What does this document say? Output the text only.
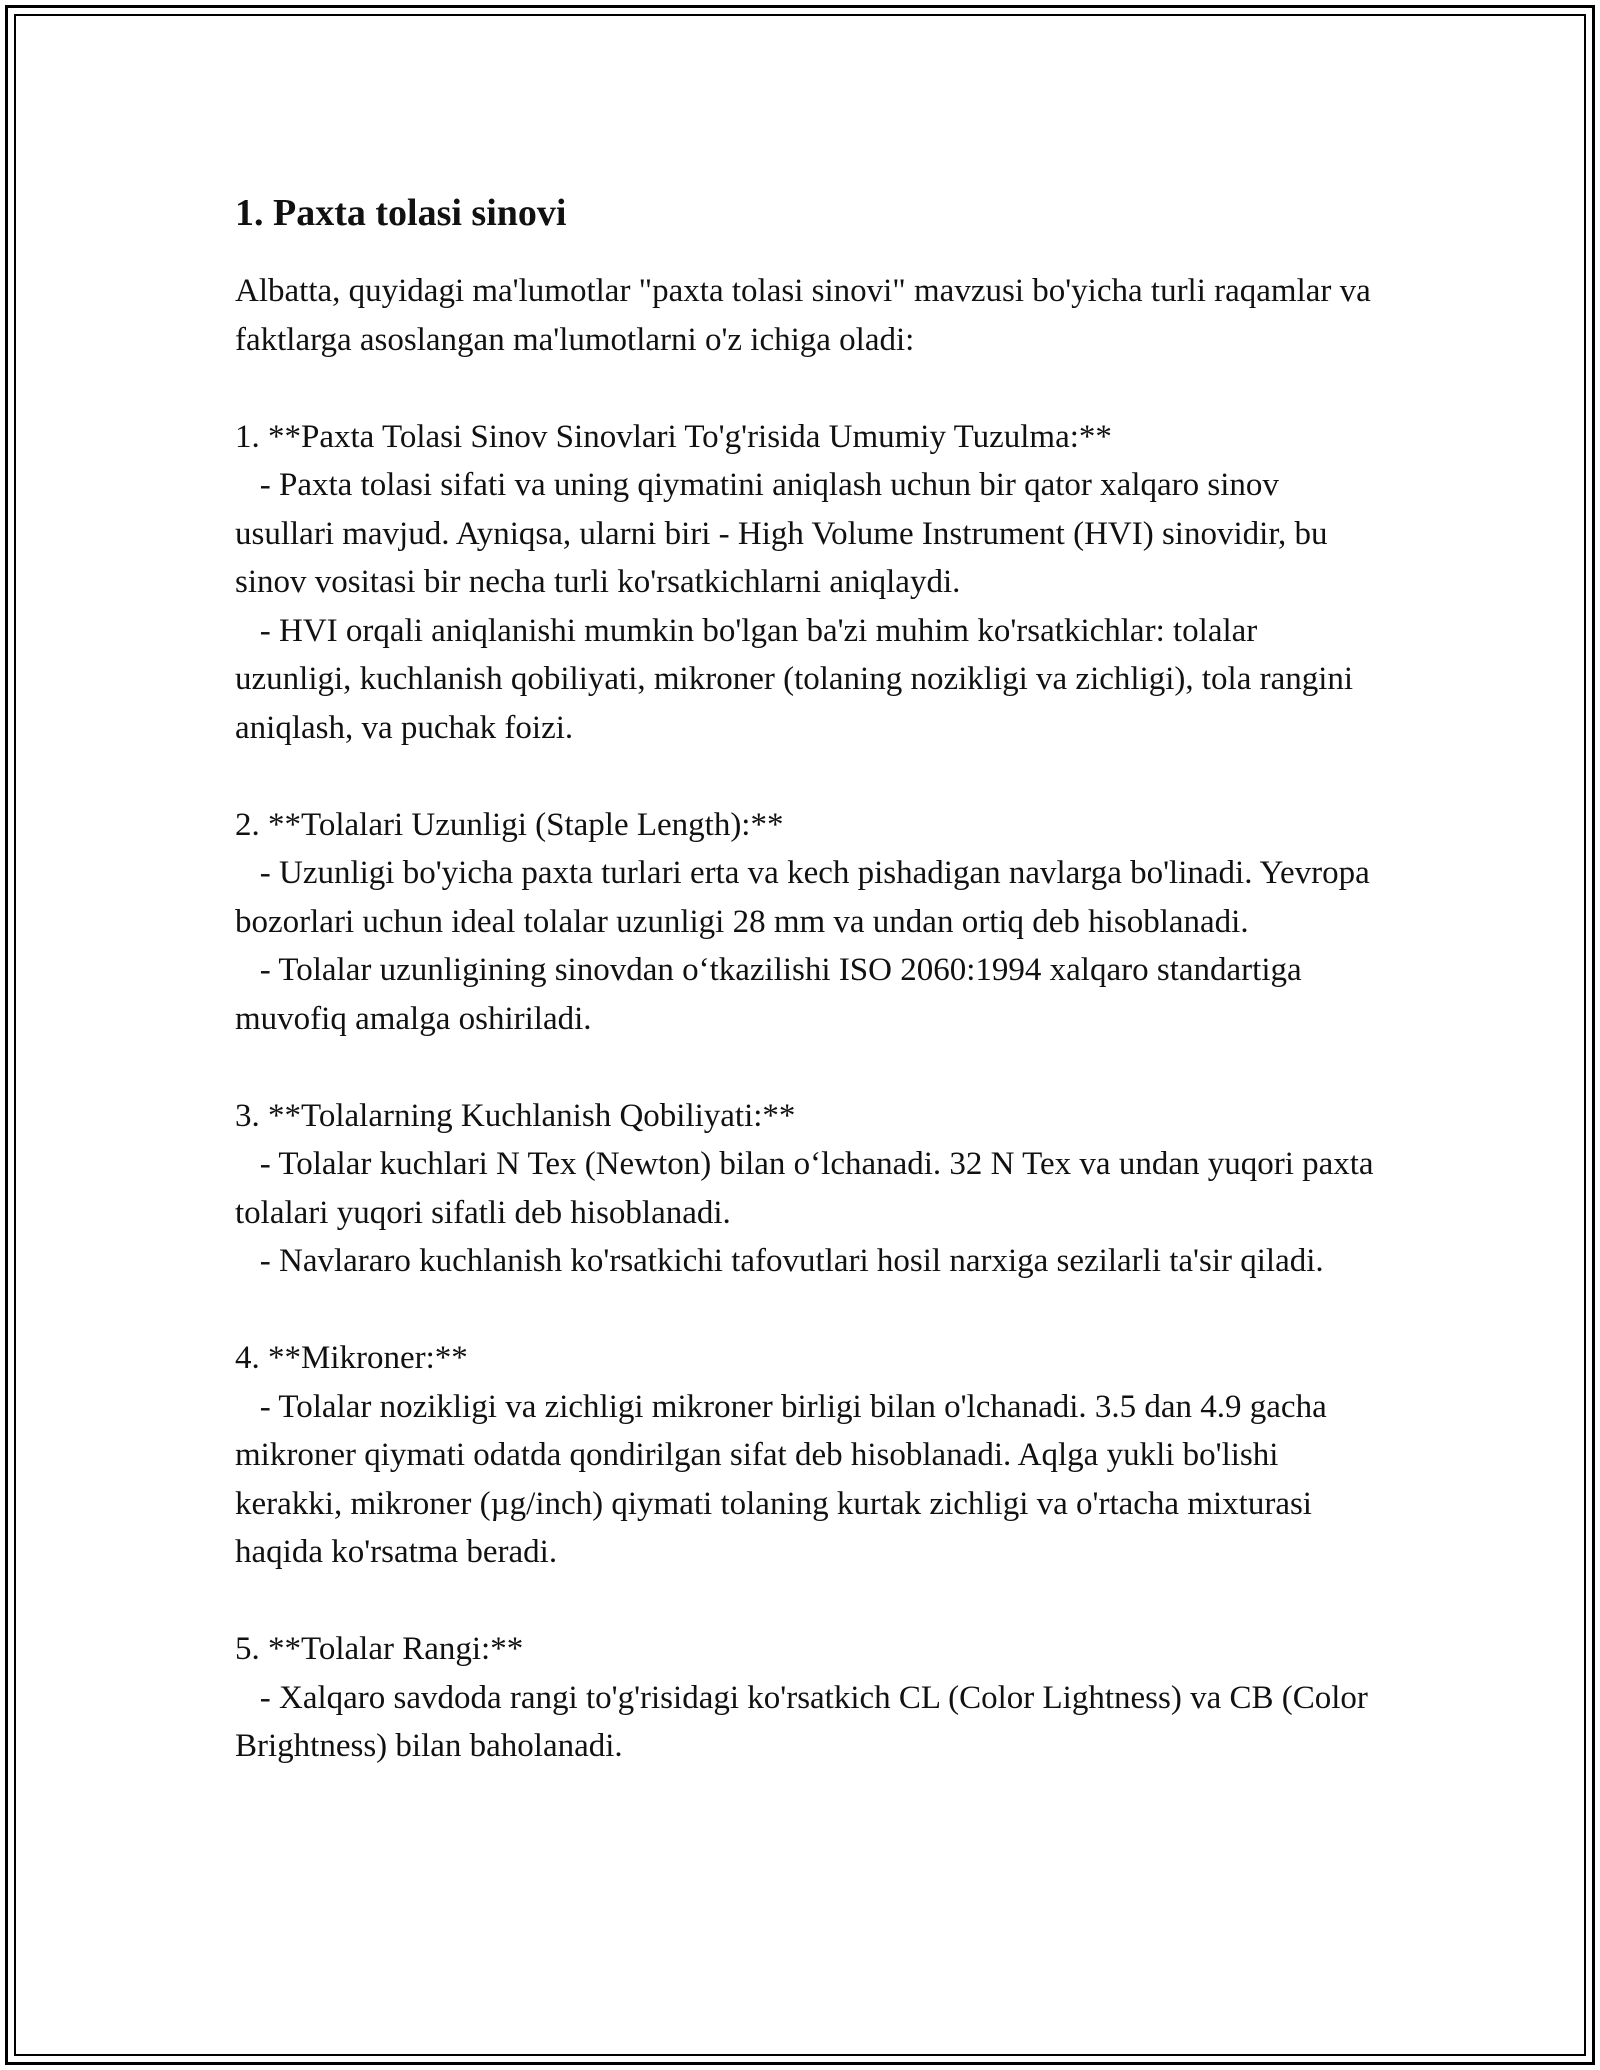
1. Paxta tolasi sinovi

Albatta, quyidagi ma'lumotlar "paxta tolasi sinovi" mavzusi bo'yicha turli raqamlar va faktlarga asoslangan ma'lumotlarni o'z ichiga oladi:

1. **Paxta Tolasi Sinov Sinovlari To'g'risida Umumiy Tuzulma:**

- Paxta tolasi sifati va uning qiymatini aniqlash uchun bir qator xalqaro sinov usullari mavjud. Ayniqsa, ularni biri - High Volume Instrument (HVI) sinovidir, bu sinov vositasi bir necha turli ko'rsatkichlarni aniqlaydi.

- HVI orqali aniqlanishi mumkin bo'lgan ba'zi muhim ko'rsatkichlar: tolalar uzunligi, kuchlanish qobiliyati, mikroner (tolaning nozikligi va zichligi), tola rangini aniqlash, va puchak foizi.

2. **Tolalari Uzunligi (Staple Length):**

- Uzunligi bo'yicha paxta turlari erta va kech pishadigan navlarga bo'linadi. Yevropa bozorlari uchun ideal tolalar uzunligi 28 mm va undan ortiq deb hisoblanadi.

- Tolalar uzunligining sinovdan o‘tkazilishi ISO 2060:1994 xalqaro standartiga muvofiq amalga oshiriladi.

3. **Tolalarning Kuchlanish Qobiliyati:**

- Tolalar kuchlari N Tex (Newton) bilan o‘lchanadi. 32 N Tex va undan yuqori paxta tolalari yuqori sifatli deb hisoblanadi.

- Navlararo kuchlanish ko'rsatkichi tafovutlari hosil narxiga sezilarli ta'sir qiladi.

4. **Mikroner:**

- Tolalar nozikligi va zichligi mikroner birligi bilan o'lchanadi. 3.5 dan 4.9 gacha mikroner qiymati odatda qondirilgan sifat deb hisoblanadi. Aqlga yukli bo'lishi kerakki, mikroner (µg/inch) qiymati tolaning kurtak zichligi va o'rtacha mixturasi haqida ko'rsatma beradi.

5. **Tolalar Rangi:**

- Xalqaro savdoda rangi to'g'risidagi ko'rsatkich CL (Color Lightness) va CB (Color Brightness) bilan baholanadi.
